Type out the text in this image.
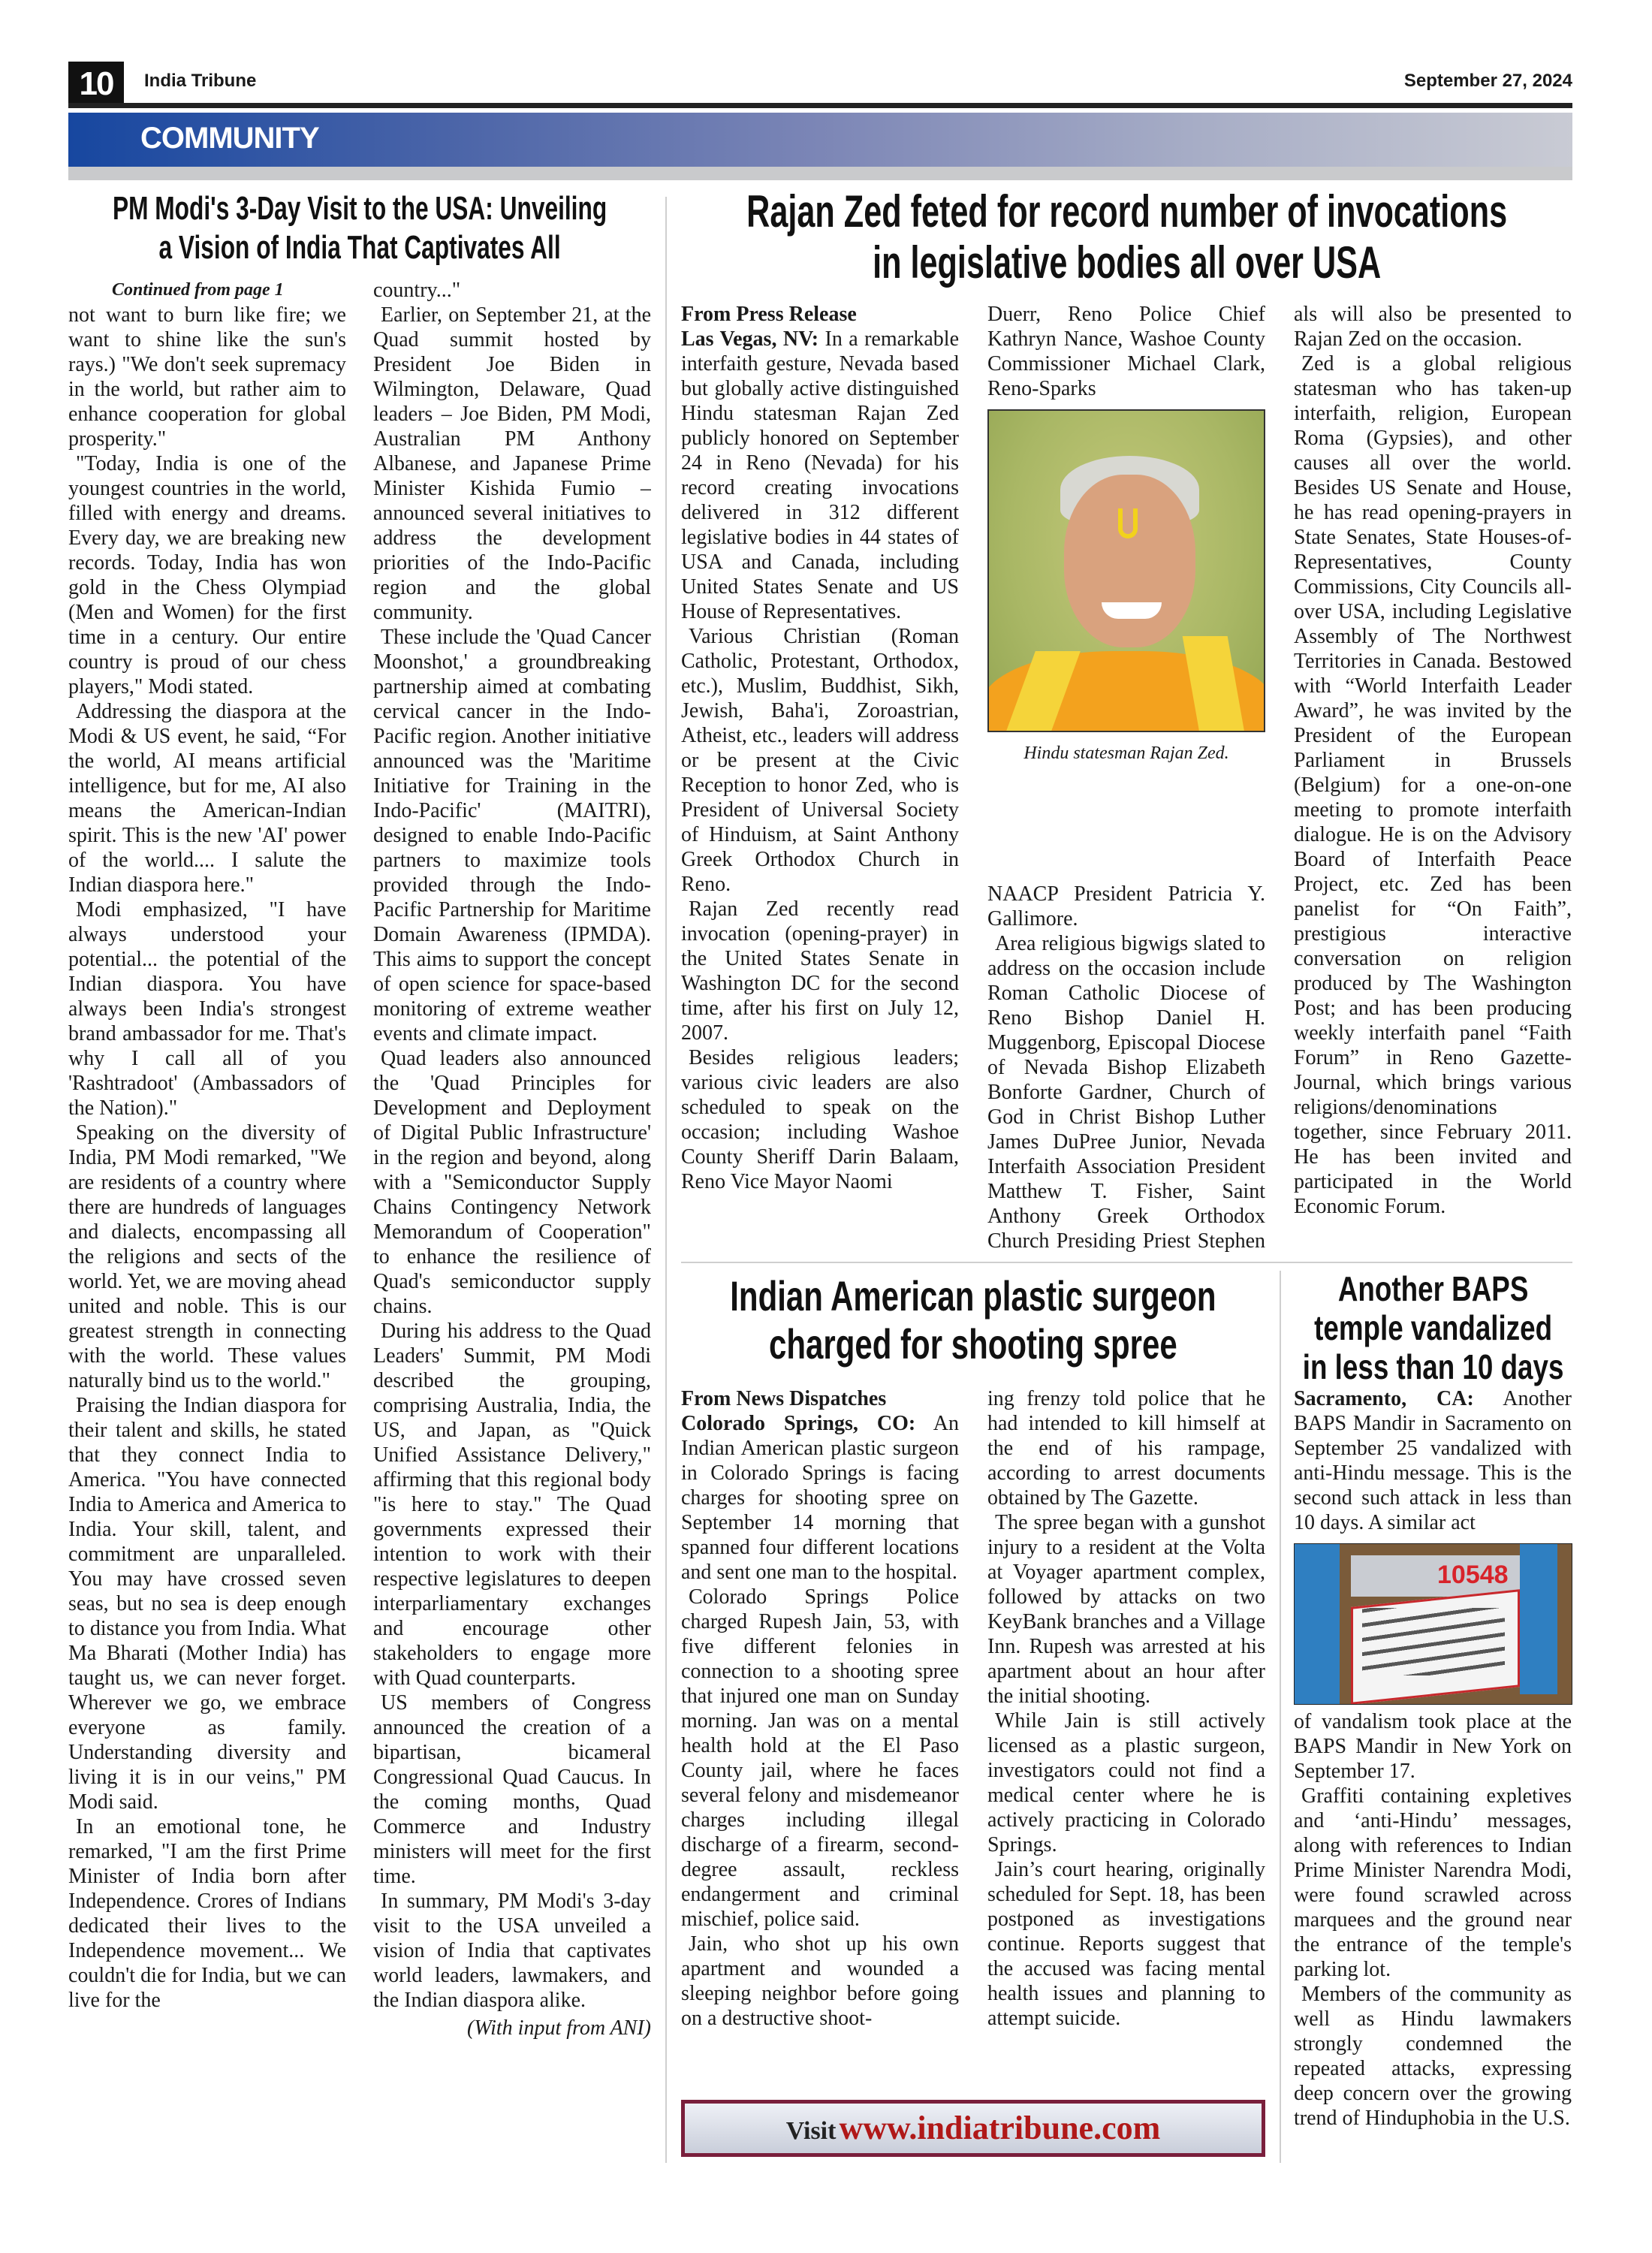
10	India Tribune	September 27, 2024
COMMUNITY
PM Modi's 3-Day Visit to the USA: Unveiling
a Vision of India That Captivates All
Continued from page 1

not want to burn like fire; we want to shine like the sun's rays.) "We don't seek supremacy in the world, but rather aim to enhance cooperation for global prosperity."

"Today, India is one of the youngest countries in the world, filled with energy and dreams. Every day, we are breaking new records. Today, India has won gold in the Chess Olympiad (Men and Women) for the first time in a century. Our entire country is proud of our chess players," Modi stated.

Addressing the diaspora at the Modi & US event, he said, “For the world, AI means artificial intelligence, but for me, AI also means the American-Indian spirit. This is the new 'AI' power of the world.... I salute the Indian diaspora here."

Modi emphasized, "I have always understood your potential... the potential of the Indian diaspora. You have always been India's strongest brand ambassador for me. That's why I call all of you 'Rashtradoot' (Ambassadors of the Nation)."

Speaking on the diversity of India, PM Modi remarked, "We are residents of a country where there are hundreds of languages and dialects, encompassing all the religions and sects of the world. Yet, we are moving ahead united and noble. This is our greatest strength in connecting with the world. These values naturally bind us to the world."

Praising the Indian diaspora for their talent and skills, he stated that they connect India to America. "You have connected India to America and America to India. Your skill, talent, and commitment are unparalleled. You may have crossed seven seas, but no sea is deep enough to distance you from India. What Ma Bharati (Mother India) has taught us, we can never forget. Wherever we go, we embrace everyone as family. Understanding diversity and living it is in our veins," PM Modi said.

In an emotional tone, he remarked, "I am the first Prime Minister of India born after Independence. Crores of Indians dedicated their lives to the Independence movement... We couldn't die for India, but we can live for the

country..."

Earlier, on September 21, at the Quad summit hosted by President Joe Biden in Wilmington, Delaware, Quad leaders – Joe Biden, PM Modi, Australian PM Anthony Albanese, and Japanese Prime Minister Kishida Fumio – announced several initiatives to address the development priorities of the Indo-Pacific region and the global community.

These include the 'Quad Cancer Moonshot,' a groundbreaking partnership aimed at combating cervical cancer in the Indo-Pacific region. Another initiative announced was the 'Maritime Initiative for Training in the Indo-Pacific' (MAITRI), designed to enable Indo-Pacific partners to maximize tools provided through the Indo-Pacific Partnership for Maritime Domain Awareness (IPMDA). This aims to support the concept of open science for space-based monitoring of extreme weather events and climate impact.

Quad leaders also announced the 'Quad Principles for Development and Deployment of Digital Public Infrastructure' in the region and beyond, along with a "Semiconductor Supply Chains Contingency Network Memorandum of Cooperation" to enhance the resilience of Quad's semiconductor supply chains.

During his address to the Quad Leaders' Summit, PM Modi described the grouping, comprising Australia, India, the US, and Japan, as "Quick Unified Assistance Delivery," affirming that this regional body "is here to stay." The Quad governments expressed their intention to work with their respective legislatures to deepen interparliamentary exchanges and encourage other stakeholders to engage more with Quad counterparts.

US members of Congress announced the creation of a bipartisan, bicameral Congressional Quad Caucus. In the coming months, Quad Commerce and Industry ministers will meet for the first time.

In summary, PM Modi's 3-day visit to the USA unveiled a vision of India that captivates world leaders, lawmakers, and the Indian diaspora alike.

(With input from ANI)
Rajan Zed feted for record number of invocations
in legislative bodies all over USA

From Press Release

Las Vegas, NV: In a remarkable interfaith gesture, Nevada based but globally active distinguished Hindu statesman Rajan Zed publicly honored on September 24 in Reno (Nevada) for his record creating invocations delivered in 312 different legislative bodies in 44 states of USA and Canada, including United States Senate and US House of Representatives.

Various Christian (Roman Catholic, Protestant, Orthodox, etc.), Muslim, Buddhist, Sikh, Jewish, Baha'i, Zoroastrian, Atheist, etc., leaders will address or be present at the Civic Reception to honor Zed, who is President of Universal Society of Hinduism, at Saint Anthony Greek Orthodox Church in Reno.

Rajan Zed recently read invocation (opening-prayer) in the United States Senate in Washington DC for the second time, after his first on July 12, 2007.

Besides religious leaders; various civic leaders are also scheduled to speak on the occasion; including Washoe County Sheriff Darin Balaam, Reno Vice Mayor Naomi

Duerr, Reno Police Chief Kathryn Nance, Washoe County Commissioner Michael Clark, Reno-Sparks

NAACP President Patricia Y. Gallimore.

Area religious bigwigs slated to address on the occasion include Roman Catholic Diocese of Reno Bishop Daniel H. Muggenborg, Episcopal Diocese of Nevada Bishop Elizabeth Bonforte Gardner, Church of God in Christ Bishop Luther James DuPree Junior, Nevada Interfaith Association President Matthew T. Fisher, Saint Anthony Greek Orthodox Church Presiding Priest Stephen

Hindu statesman Rajan Zed.

als will also be presented to Rajan Zed on the occasion.

Zed is a global religious statesman who has taken-up interfaith, religion, European Roma (Gypsies), and other causes all over the world. Besides US Senate and House, he has read opening-prayers in State Senates, State Houses-of-Representatives, County Commissions, City Councils all-over USA, including Legislative Assembly of The Northwest Territories in Canada. Bestowed with “World Interfaith Leader Award”, he was invited by the President of the European Parliament in Brussels (Belgium) for a one-on-one meeting to promote interfaith dialogue. He is on the Advisory Board of Interfaith Peace Project, etc. Zed has been panelist for “On Faith”, prestigious interactive conversation on religion produced by The Washington Post; and has been producing weekly interfaith panel “Faith Forum” in Reno Gazette-Journal, which brings various religions/denominations together, since February 2011. He has been invited and participated in the World Economic Forum.

Indian American plastic surgeon
charged for shooting spree

From News Dispatches

Colorado Springs, CO: An Indian American plastic surgeon in Colorado Springs is facing charges for shooting spree on September 14 morning that spanned four different locations and sent one man to the hospital.

Colorado Springs Police charged Rupesh Jain, 53, with five different felonies in connection to a shooting spree that injured one man on Sunday morning. Jan was on a mental health hold at the El Paso County jail, where he faces several felony and misdemeanor charges including illegal discharge of a firearm, second-degree assault, reckless endangerment and criminal mischief, police said.

Jain, who shot up his own apartment and wounded a sleeping neighbor before going on a destructive shoot-

ing frenzy told police that he had intended to kill himself at the end of his rampage, according to arrest documents obtained by The Gazette.

The spree began with a gunshot injury to a resident at the Volta at Voyager apartment complex, followed by attacks on two KeyBank branches and a Village Inn. Rupesh was arrested at his apartment about an hour after the initial shooting.

While Jain is still actively licensed as a plastic surgeon, investigators could not find a medical center where he is actively practicing in Colorado Springs.

Jain’s court hearing, originally scheduled for Sept. 18, has been postponed as investigations continue. Reports suggest that the accused was facing mental health issues and planning to attempt suicide.

Visit www.indiatribune.com
Another BAPS
temple vandalized
in less than 10 days

Sacramento, CA: Another BAPS Mandir in Sacramento on September 25 vandalized with anti-Hindu message. This is the second such attack in less than 10 days. A similar act

of vandalism took place at the BAPS Mandir in New York on September 17.

Graffiti containing expletives and ‘anti-Hindu’ messages, along with references to Indian Prime Minister Narendra Modi, were found scrawled across marquees and the ground near the entrance of the temple's parking lot.

Members of the community as well as Hindu lawmakers strongly condemned the repeated attacks, expressing deep concern over the growing trend of Hinduphobia in the U.S.

10548
